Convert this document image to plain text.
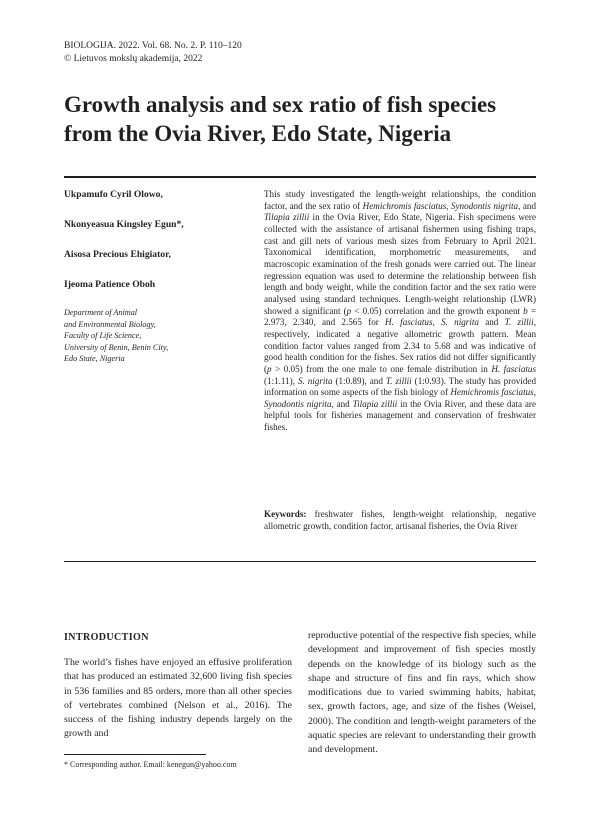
BIOLOGIJA. 2022. Vol. 68. No. 2. P. 110–120
© Lietuvos mokslų akademija, 2022
Growth analysis and sex ratio of fish species
from the Ovia River, Edo State, Nigeria
Ukpamufo Cyril Olowo,
Nkonyeasua Kingsley Egun*,
Aisosa Precious Ehigiator,
Ijeoma Patience Oboh
Department of Animal
and Environmental Biology,
Faculty of Life Science,
University of Benin, Benin City,
Edo State, Nigeria

This study investigated the length-weight relationships, the condition factor, and the sex ratio of Hemichromis fasciatus, Synodontis nigrita, and Tilapia zillii in the Ovia River, Edo State, Nigeria. Fish specimens were collected with the assistance of artisanal fishermen using fishing traps, cast and gill nets of various mesh sizes from February to April 2021. Taxonomical identification, morphometric measurements, and macroscopic examination of the fresh gonads were carried out. The linear regression equation was used to determine the relationship between fish length and body weight, while the condition factor and the sex ratio were analysed using standard techniques. Length-weight relationship (LWR) showed a significant (p < 0.05) correlation and the growth exponent b = 2.973, 2.340, and 2.565 for H. fasciatus, S. nigrita and T. zillii, respectively, indicated a negative allometric growth pattern. Mean condition factor values ranged from 2.34 to 5.68 and was indicative of good health condition for the fishes. Sex ratios did not differ significantly (p > 0.05) from the one male to one female distribution in H. fasciatus (1:1.11), S. nigrita (1:0.89), and T. zillii (1:0.93). The study has provided information on some aspects of the fish biology of Hemichromis fasciatus, Synodontis nigrita, and Tilapia zillii in the Ovia River, and these data are helpful tools for fisheries management and conservation of freshwater fishes.

Keywords: freshwater fishes, length-weight relationship, negative allometric growth, condition factor, artisanal fisheries, the Ovia River
INTRODUCTION

The world’s fishes have enjoyed an effusive proliferation that has produced an estimated 32,600 living fish species in 536 families and 85 orders, more than all other species of vertebrates combined (Nelson et al., 2016). The success of the fishing industry depends largely on the growth and

reproductive potential of the respective fish species, while development and improvement of fish species mostly depends on the knowledge of its biology such as the shape and structure of fins and fin rays, which show modifications due to varied swimming habits, habitat, sex, growth factors, age, and size of the fishes (Weisel, 2000). The condition and length-weight parameters of the aquatic species are relevant to understanding their growth and development.

* Corresponding author. Email: kenegun@yahoo.com
